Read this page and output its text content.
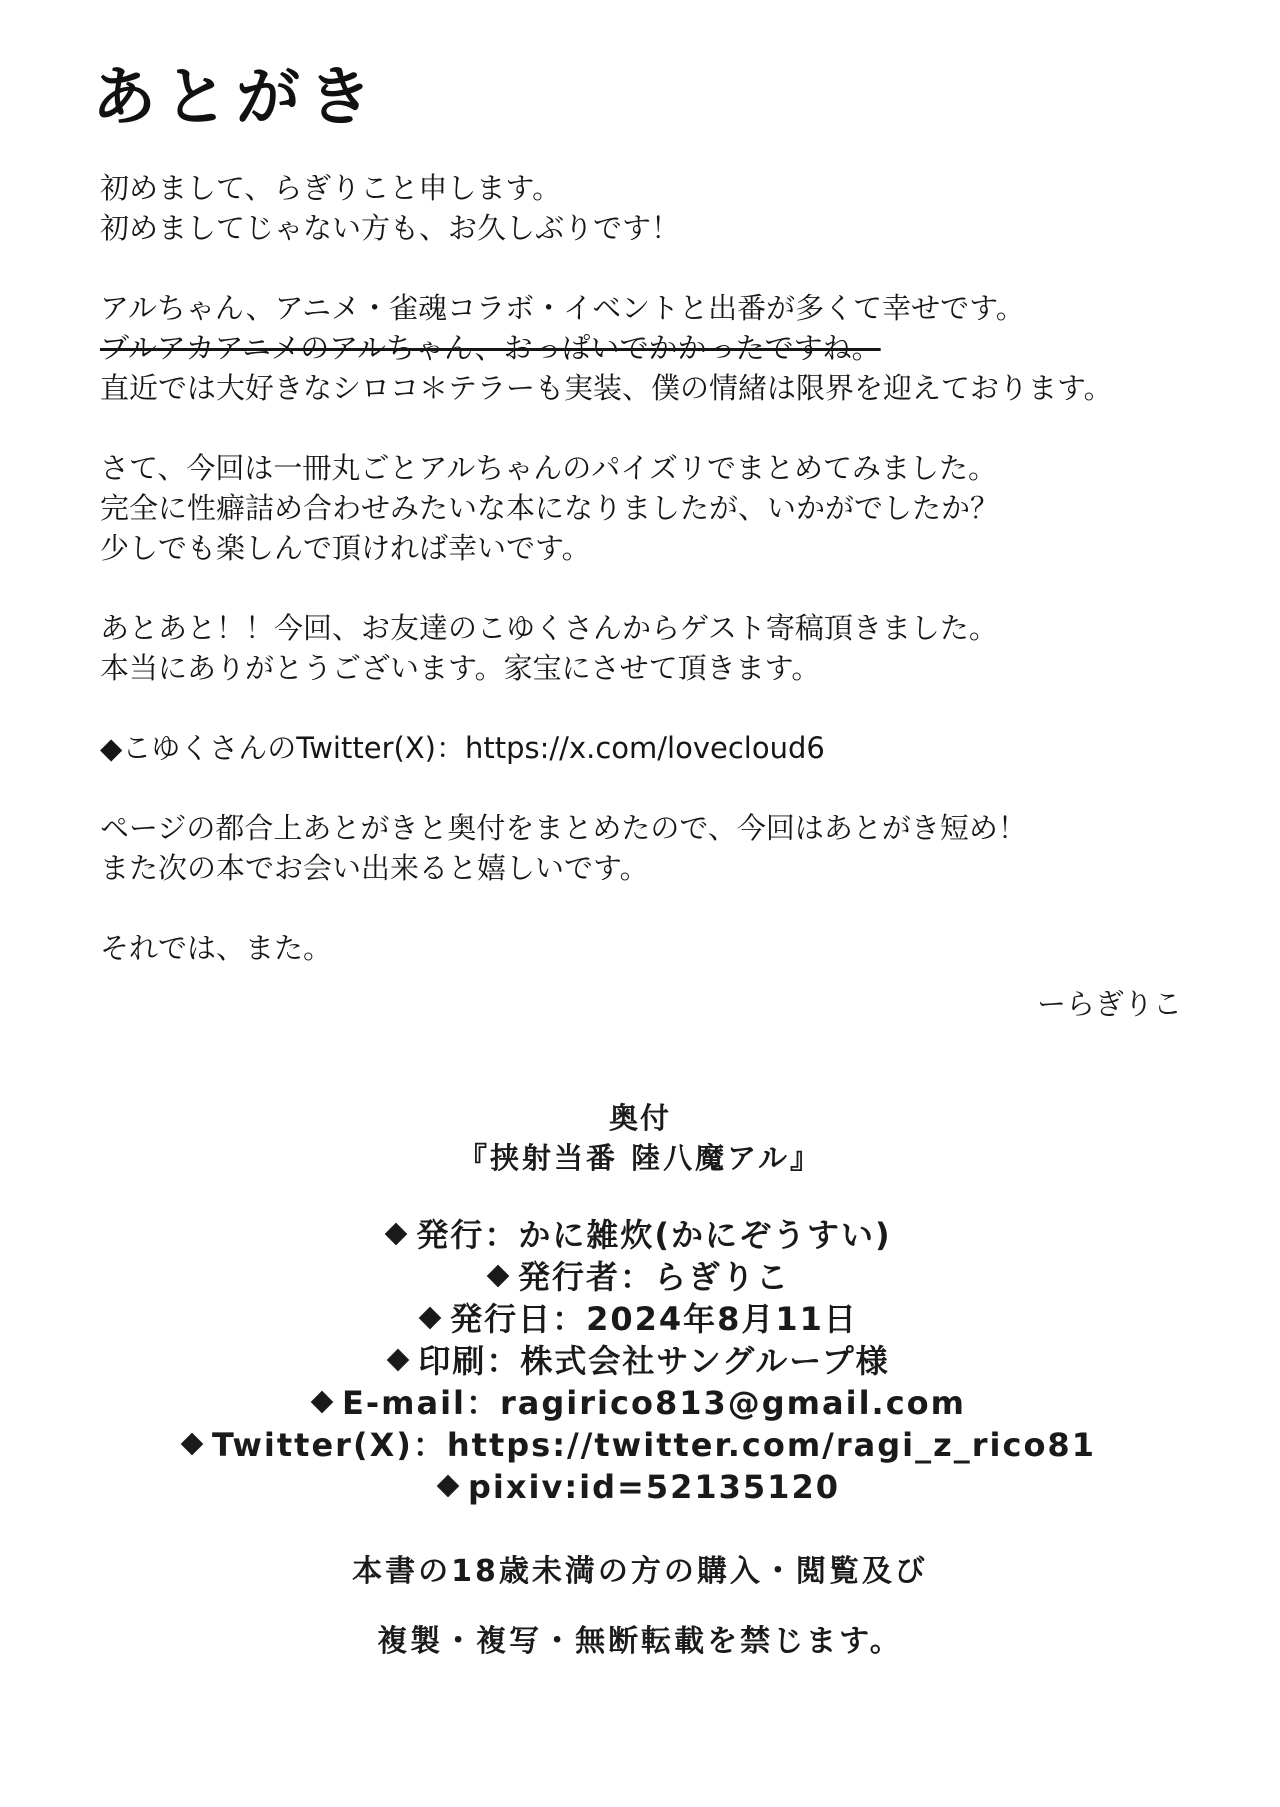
あとがき
初めまして、らぎりこと申します。
初めましてじゃない方も、お久しぶりです！
アルちゃん、アニメ・雀魂コラボ・イベントと出番が多くて幸せです。
ブルアカアニメのアルちゃん、おっぱいでかかったですね。
直近では大好きなシロコ＊テラーも実装、僕の情緒は限界を迎えております。
さて、今回は一冊丸ごとアルちゃんのパイズリでまとめてみました。
完全に性癖詰め合わせみたいな本になりましたが、いかがでしたか？
少しでも楽しんで頂ければ幸いです。
あとあと！！今回、お友達のこゆくさんからゲスト寄稿頂きました。
本当にありがとうございます。家宝にさせて頂きます。
◆こゆくさんのTwitter(X)：https://x.com/lovecloud6
ページの都合上あとがきと奥付をまとめたので、今回はあとがき短め！
また次の本でお会い出来ると嬉しいです。
それでは、また。
ーらぎりこ
奥付
『挟射当番 陸八魔アル』
発行：かに雑炊(かにぞうすい)
発行者：らぎりこ
発行日：2024年8月11日
印刷：株式会社サングループ様
E-mail：ragirico813@gmail.com
Twitter(X)：https://twitter.com/ragi_z_rico81
pixiv:id=52135120
本書の18歳未満の方の購入・閲覧及び
複製・複写・無断転載を禁じます。
